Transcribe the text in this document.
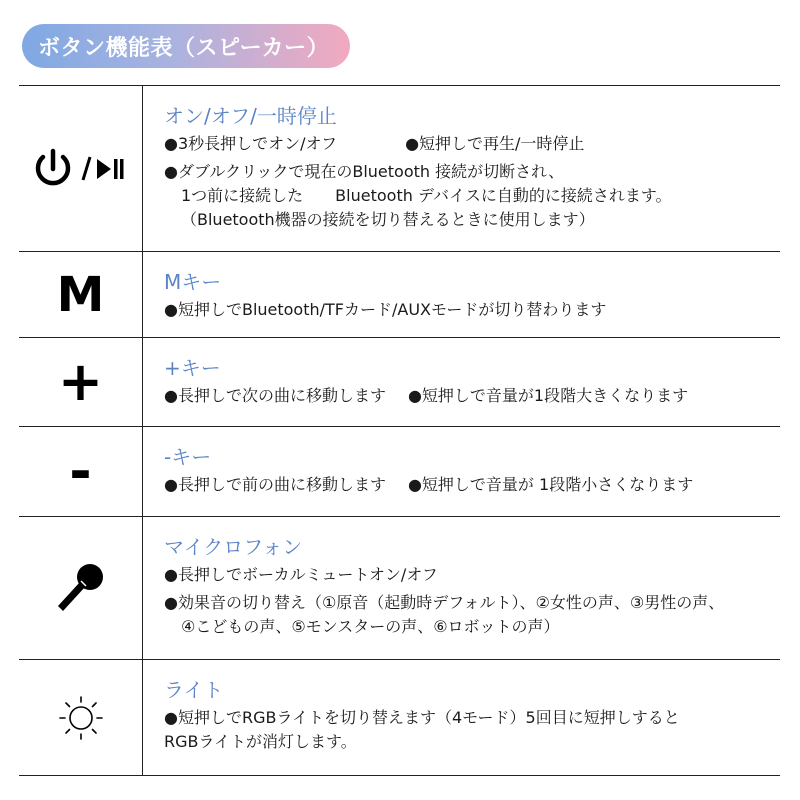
ボタン機能表（スピーカー）
オン/オフ/一時停止
●3秒長押しでオン/オフ	●短押しで再生/一時停止
●ダブルクリックで現在のBluetooth 接続が切断され、
1つ前に接続した　　Bluetooth デバイスに自動的に接続されます。
（Bluetooth機器の接続を切り替えるときに使用します）
M	Mキー
●短押しでBluetooth/TFカード/AUXモードが切り替わります
+	+キー
●長押しで次の曲に移動します ●短押しで音量が1段階大きくなります
-	-キー
●長押しで前の曲に移動します ●短押しで音量が 1段階小さくなります
マイクロフォン
●長押しでボーカルミュートオン/オフ
●効果音の切り替え（①原音（起動時デフォルト）、②女性の声、③男性の声、
④こどもの声、⑤モンスターの声、⑥ロボットの声）
ライト
●短押しでRGBライトを切り替えます（4モード）5回目に短押しすると
RGBライトが消灯します。
